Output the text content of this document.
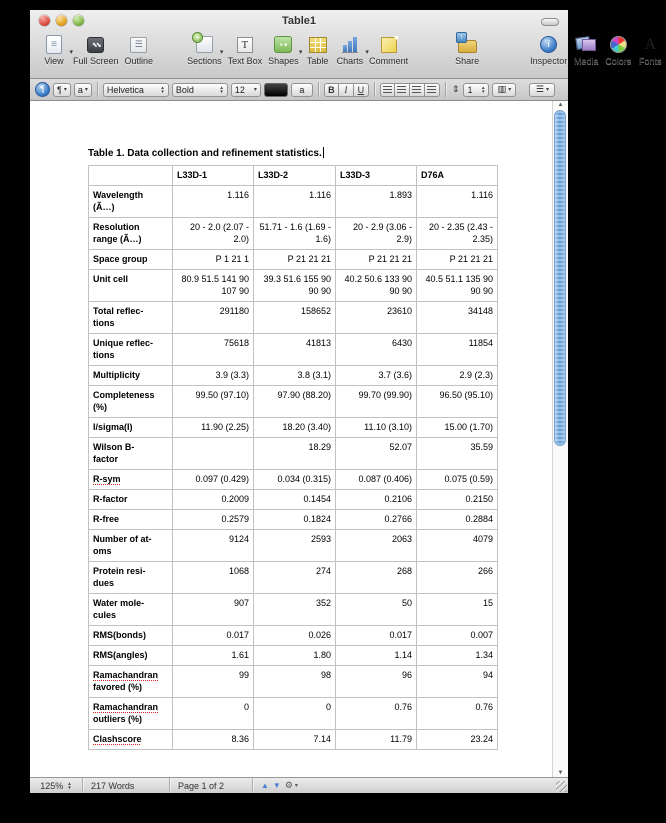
Table1
≡ ▾
View
⬉⬊ Full Screen
☰ Outline
▾
+
Sections
T Text Box
● ■ ▾
Shapes Table
▾
Charts Comment
↑	Share
i	Inspector Media Colors
A Fonts
¶	¶ ▾ a ▾ Helvetica	▲
▼ Bold	▲
▼ 12 ▾	a	B I U	⇕ 1 ▲
▼ ▥ ▾	☰ ▾
Table 1. Data collection and refinement statistics.
	L33D-1	L33D-2	L33D-3	D76A

Wavelength
(Ã…)	1.116	1.116	1.893	1.116

Resolution
range (Ã…)	20 - 2.0 (2.07 - 2.0)	51.71 - 1.6 (1.69 - 1.6)	20 - 2.9 (3.06 - 2.9)	20 - 2.35 (2.43 - 2.35)

Space group	P 1 21 1	P 21 21 21	P 21 21 21	P 21 21 21

Unit cell	80.9 51.5 141 90 107 90	39.3 51.6 155 90 90 90	40.2 50.6 133 90 90 90	40.5 51.1 135 90 90 90

Total reflec-
tions	291180	158652	23610	34148

Unique reflec-
tions	75618	41813	6430	11854

Multiplicity	3.9 (3.3)	3.8 (3.1)	3.7 (3.6)	2.9 (2.3)

Completeness
(%)	99.50 (97.10)	97.90 (88.20)	99.70 (99.90)	96.50 (95.10)

I/sigma(I)	11.90 (2.25)	18.20 (3.40)	11.10 (3.10)	15.00 (1.70)

Wilson B-
factor		18.29	52.07	35.59

R-sym	0.097 (0.429)	0.034 (0.315)	0.087 (0.406)	0.075 (0.59)

R-factor	0.2009	0.1454	0.2106	0.2150

R-free	0.2579	0.1824	0.2766	0.2884

Number of at-
oms	9124	2593	2063	4079

Protein resi-
dues	1068	274	268	266

Water mole-
cules	907	352	50	15

RMS(bonds)	0.017	0.026	0.017	0.007

RMS(angles)	1.61	1.80	1.14	1.34

Ramachandran
favored (%)	99	98	96	94

Ramachandran
outliers (%)	0	0	0.76	0.76

Clashscore	8.36	7.14	11.79	23.24
▲
▼
125% ▲
▼	217 Words	Page 1 of 2	▲ ▼ ⚙ ▾
